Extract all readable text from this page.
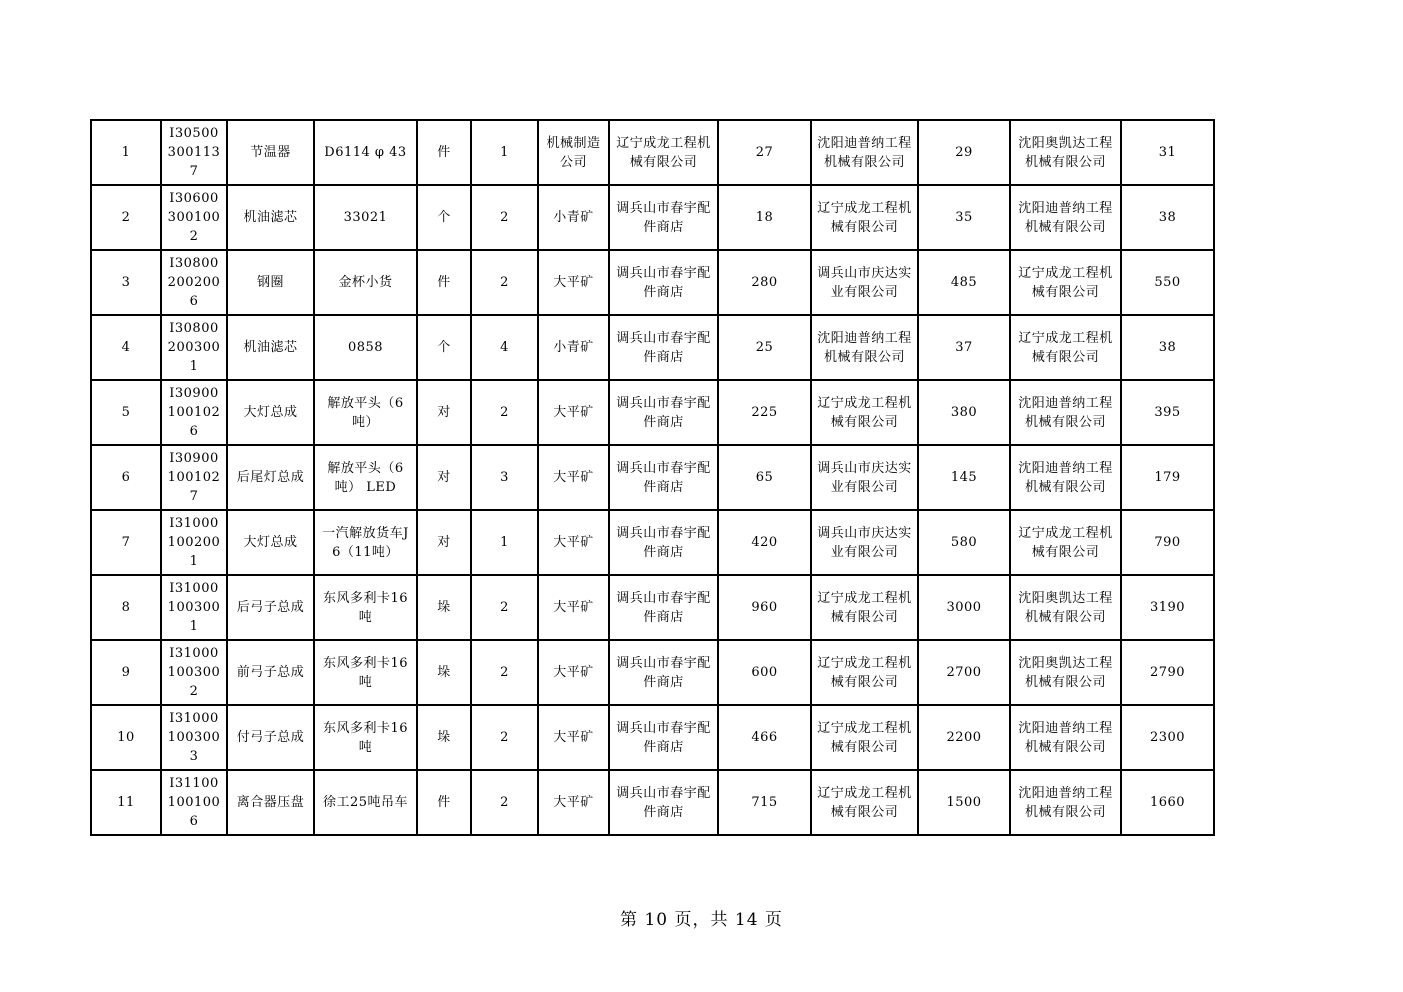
1	I305003001137	节温器	D6114 φ 43	件	1	机械制造公司	辽宁成龙工程机械有限公司	27	沈阳迪普纳工程机械有限公司	29	沈阳奥凯达工程机械有限公司	31
2	I306003001002	机油滤芯	33021	个	2	小青矿	调兵山市春宇配件商店	18	辽宁成龙工程机械有限公司	35	沈阳迪普纳工程机械有限公司	38
3	I308002002006	钢圈	金杯小货	件	2	大平矿	调兵山市春宇配件商店	280	调兵山市庆达实业有限公司	485	辽宁成龙工程机械有限公司	550
4	I308002003001	机油滤芯	0858	个	4	小青矿	调兵山市春宇配件商店	25	沈阳迪普纳工程机械有限公司	37	辽宁成龙工程机械有限公司	38
5	I309001001026	大灯总成	解放平头（6吨）	对	2	大平矿	调兵山市春宇配件商店	225	辽宁成龙工程机械有限公司	380	沈阳迪普纳工程机械有限公司	395
6	I309001001027	后尾灯总成	解放平头（6吨） LED	对	3	大平矿	调兵山市春宇配件商店	65	调兵山市庆达实业有限公司	145	沈阳迪普纳工程机械有限公司	179
7	I310001002001	大灯总成	一汽解放货车J6（11吨）	对	1	大平矿	调兵山市春宇配件商店	420	调兵山市庆达实业有限公司	580	辽宁成龙工程机械有限公司	790
8	I310001003001	后弓子总成	东风多利卡16吨	垛	2	大平矿	调兵山市春宇配件商店	960	辽宁成龙工程机械有限公司	3000	沈阳奥凯达工程机械有限公司	3190
9	I310001003002	前弓子总成	东风多利卡16吨	垛	2	大平矿	调兵山市春宇配件商店	600	辽宁成龙工程机械有限公司	2700	沈阳奥凯达工程机械有限公司	2790
10	I310001003003	付弓子总成	东风多利卡16吨	垛	2	大平矿	调兵山市春宇配件商店	466	辽宁成龙工程机械有限公司	2200	沈阳迪普纳工程机械有限公司	2300
11	I311001001006	离合器压盘	徐工25吨吊车	件	2	大平矿	调兵山市春宇配件商店	715	辽宁成龙工程机械有限公司	1500	沈阳迪普纳工程机械有限公司	1660
第 10 页，共 14 页
